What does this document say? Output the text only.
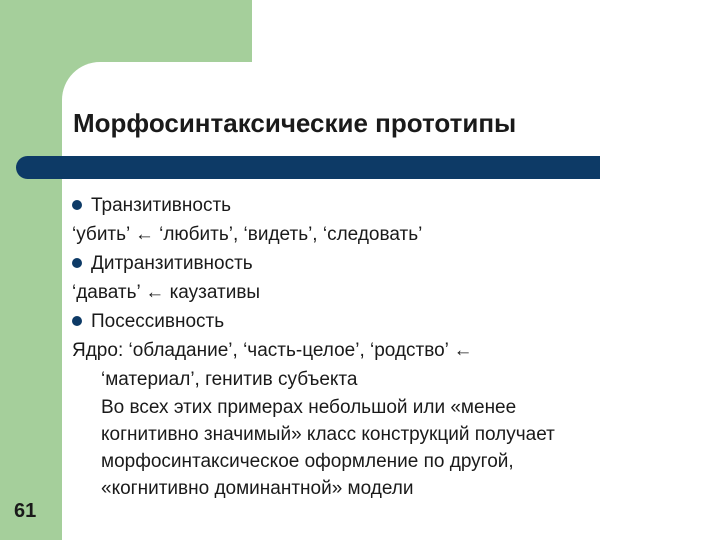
Морфосинтаксические прототипы
Транзитивность
‘убить’ ← ‘любить’, ‘видеть’, ‘следовать’
Дитранзитивность
‘давать’ ← каузативы
Посессивность
Ядро: ‘обладание’, ‘часть-целое’, ‘родство’ ←
‘материал’, генитив субъекта
Во всех этих примерах небольшой или «менее
когнитивно значимый» класс конструкций получает
морфосинтаксическое оформление по другой,
«когнитивно доминантной» модели
61
